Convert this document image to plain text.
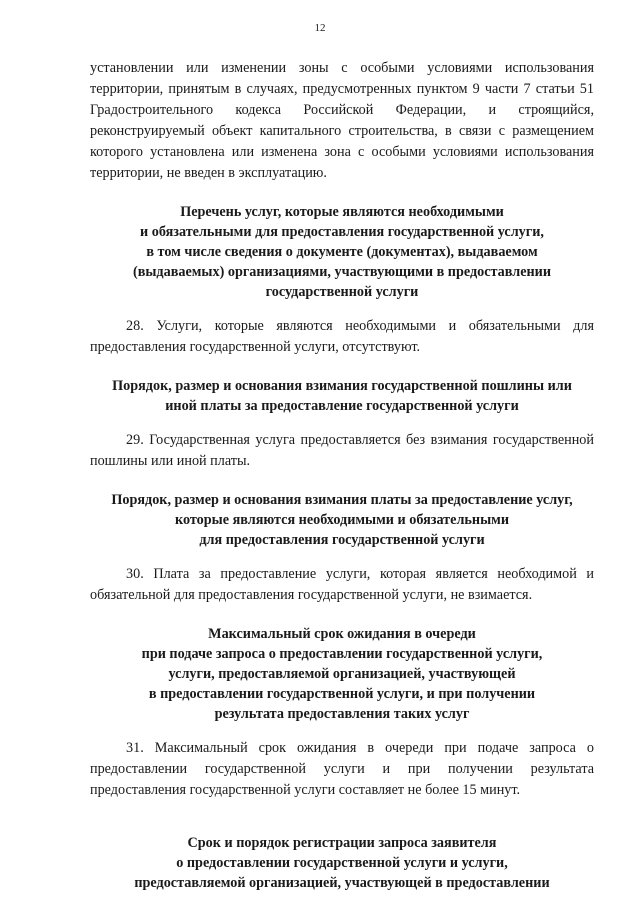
12

установлении или изменении зоны с особыми условиями использования территории, принятым в случаях, предусмотренных пунктом 9 части 7 статьи 51 Градостроительного кодекса Российской Федерации, и строящийся, реконструируемый объект капитального строительства, в связи с размещением которого установлена или изменена зона с особыми условиями использования территории, не введен в эксплуатацию.

Перечень услуг, которые являются необходимыми
и обязательными для предоставления государственной услуги,
в том числе сведения о документе (документах), выдаваемом
(выдаваемых) организациями, участвующими в предоставлении
государственной услуги

28. Услуги, которые являются необходимыми и обязательными для предоставления государственной услуги, отсутствуют.

Порядок, размер и основания взимания государственной пошлины или
иной платы за предоставление государственной услуги

29. Государственная услуга предоставляется без взимания государственной пошлины или иной платы.

Порядок, размер и основания взимания платы за предоставление услуг,
которые являются необходимыми и обязательными
для предоставления государственной услуги

30. Плата за предоставление услуги, которая является необходимой и обязательной для предоставления государственной услуги, не взимается.

Максимальный срок ожидания в очереди
при подаче запроса о предоставлении государственной услуги,
услуги, предоставляемой организацией, участвующей
в предоставлении государственной услуги, и при получении
результата предоставления таких услуг

31. Максимальный срок ожидания в очереди при подаче запроса о предоставлении государственной услуги и при получении результата предоставления государственной услуги составляет не более 15 минут.

Срок и порядок регистрации запроса заявителя
о предоставлении государственной услуги и услуги,
предоставляемой организацией, участвующей в предоставлении
